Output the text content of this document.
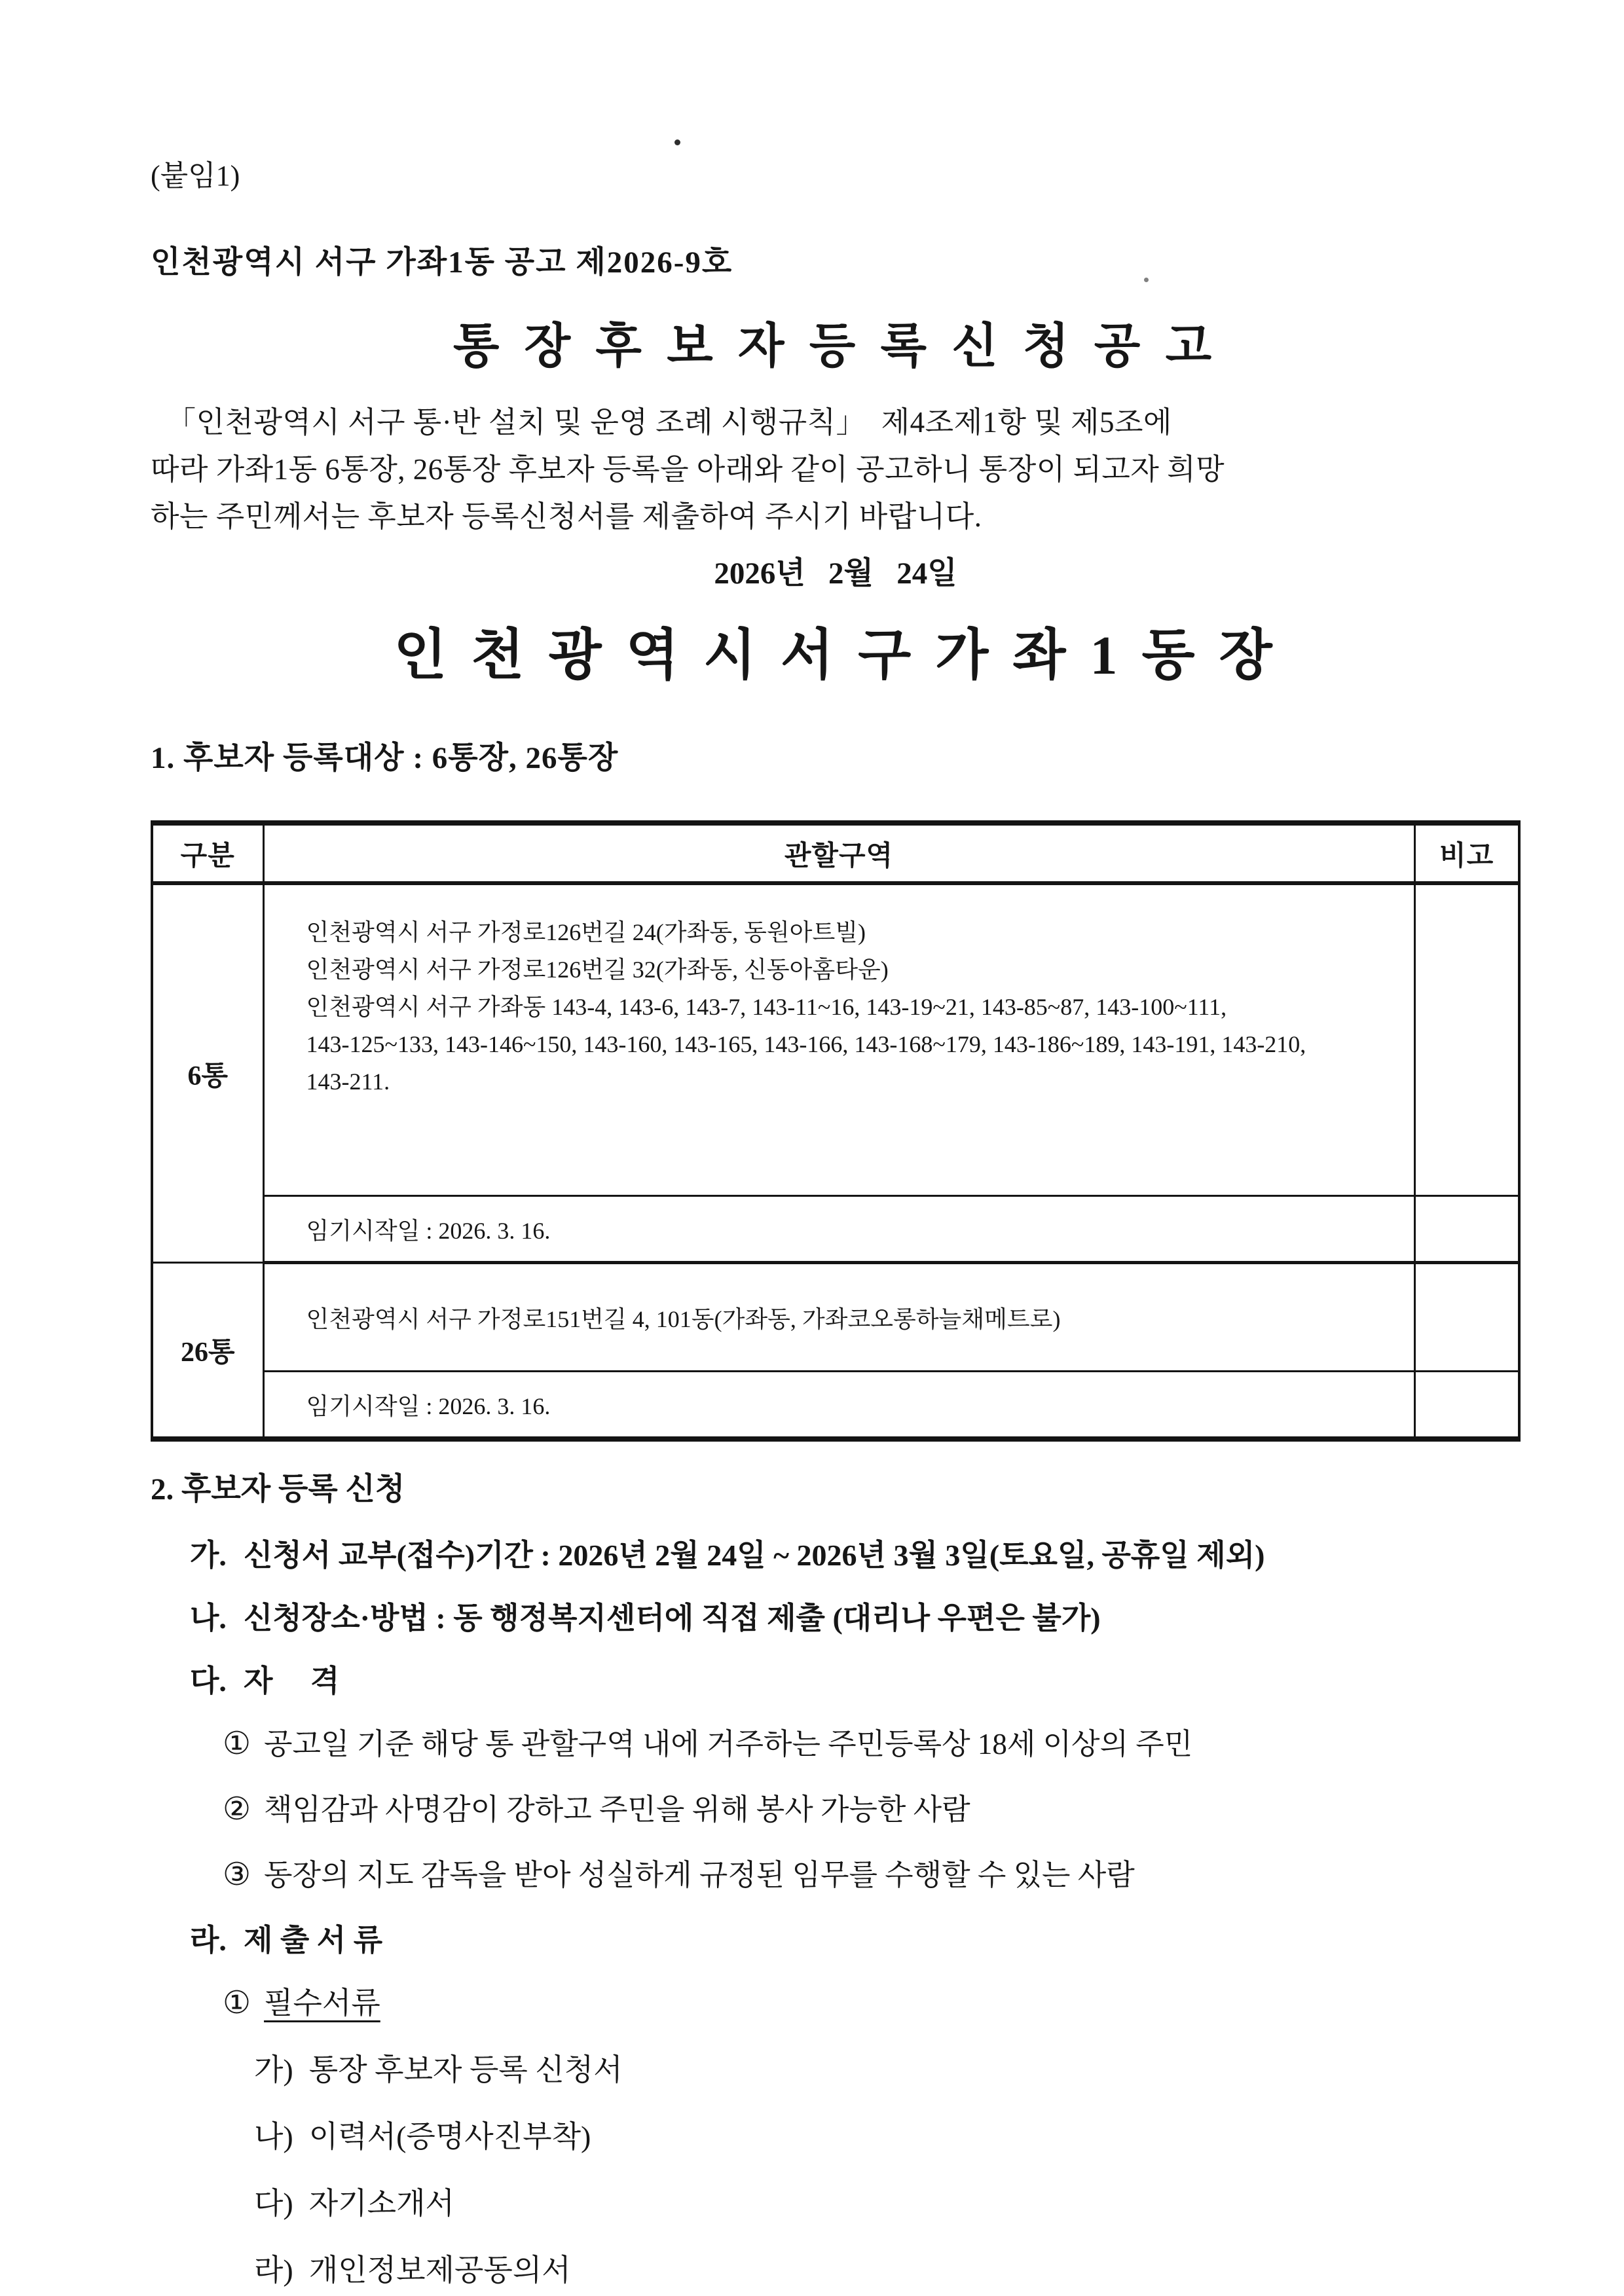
(붙임1)

인천광역시 서구 가좌1동 공고 제2026-9호

통 장 후 보 자 등 록 신 청 공 고

「인천광역시 서구 통·반 설치 및 운영 조례 시행규칙」  제4조제1항 및 제5조에

따라 가좌1동 6통장, 26통장 후보자 등록을 아래와 같이 공고하니 통장이 되고자 희망

하는 주민께서는 후보자 등록신청서를 제출하여 주시기 바랍니다.

2026년   2월   24일

인 천 광 역 시 서 구 가 좌 1 동 장
1. 후보자 등록대상 : 6통장, 26통장
구분	관할구역	비고
6통	인천광역시 서구 가정로126번길 24(가좌동, 동원아트빌)

인천광역시 서구 가정로126번길 32(가좌동, 신동아홈타운)

인천광역시 서구 가좌동 143-4, 143-6, 143-7, 143-11~16, 143-19~21, 143-85~87, 143-100~111,

143-125~133, 143-146~150, 143-160, 143-165, 143-166, 143-168~179, 143-186~189, 143-191, 143-210,

143-211.	

	임기시작일 : 2026. 3. 16.	
26통	인천광역시 서구 가정로151번길 4, 101동(가좌동, 가좌코오롱하늘채메트로)	

	임기시작일 : 2026. 3. 16.	
2. 후보자 등록 신청

가. 신청서 교부(접수)기간 : 2026년 2월 24일 ~ 2026년 3월 3일(토요일, 공휴일 제외)

나. 신청장소·방법 : 동 행정복지센터에 직접 제출 (대리나 우편은 불가)

다. 자     격

① 공고일 기준 해당 통 관할구역 내에 거주하는 주민등록상 18세 이상의 주민

② 책임감과 사명감이 강하고 주민을 위해 봉사 가능한 사람

③ 동장의 지도 감독을 받아 성실하게 규정된 임무를 수행할 수 있는 사람

라. 제 출 서 류

① 필수서류

가) 통장 후보자 등록 신청서

나) 이력서(증명사진부착)

다) 자기소개서

라) 개인정보제공동의서
